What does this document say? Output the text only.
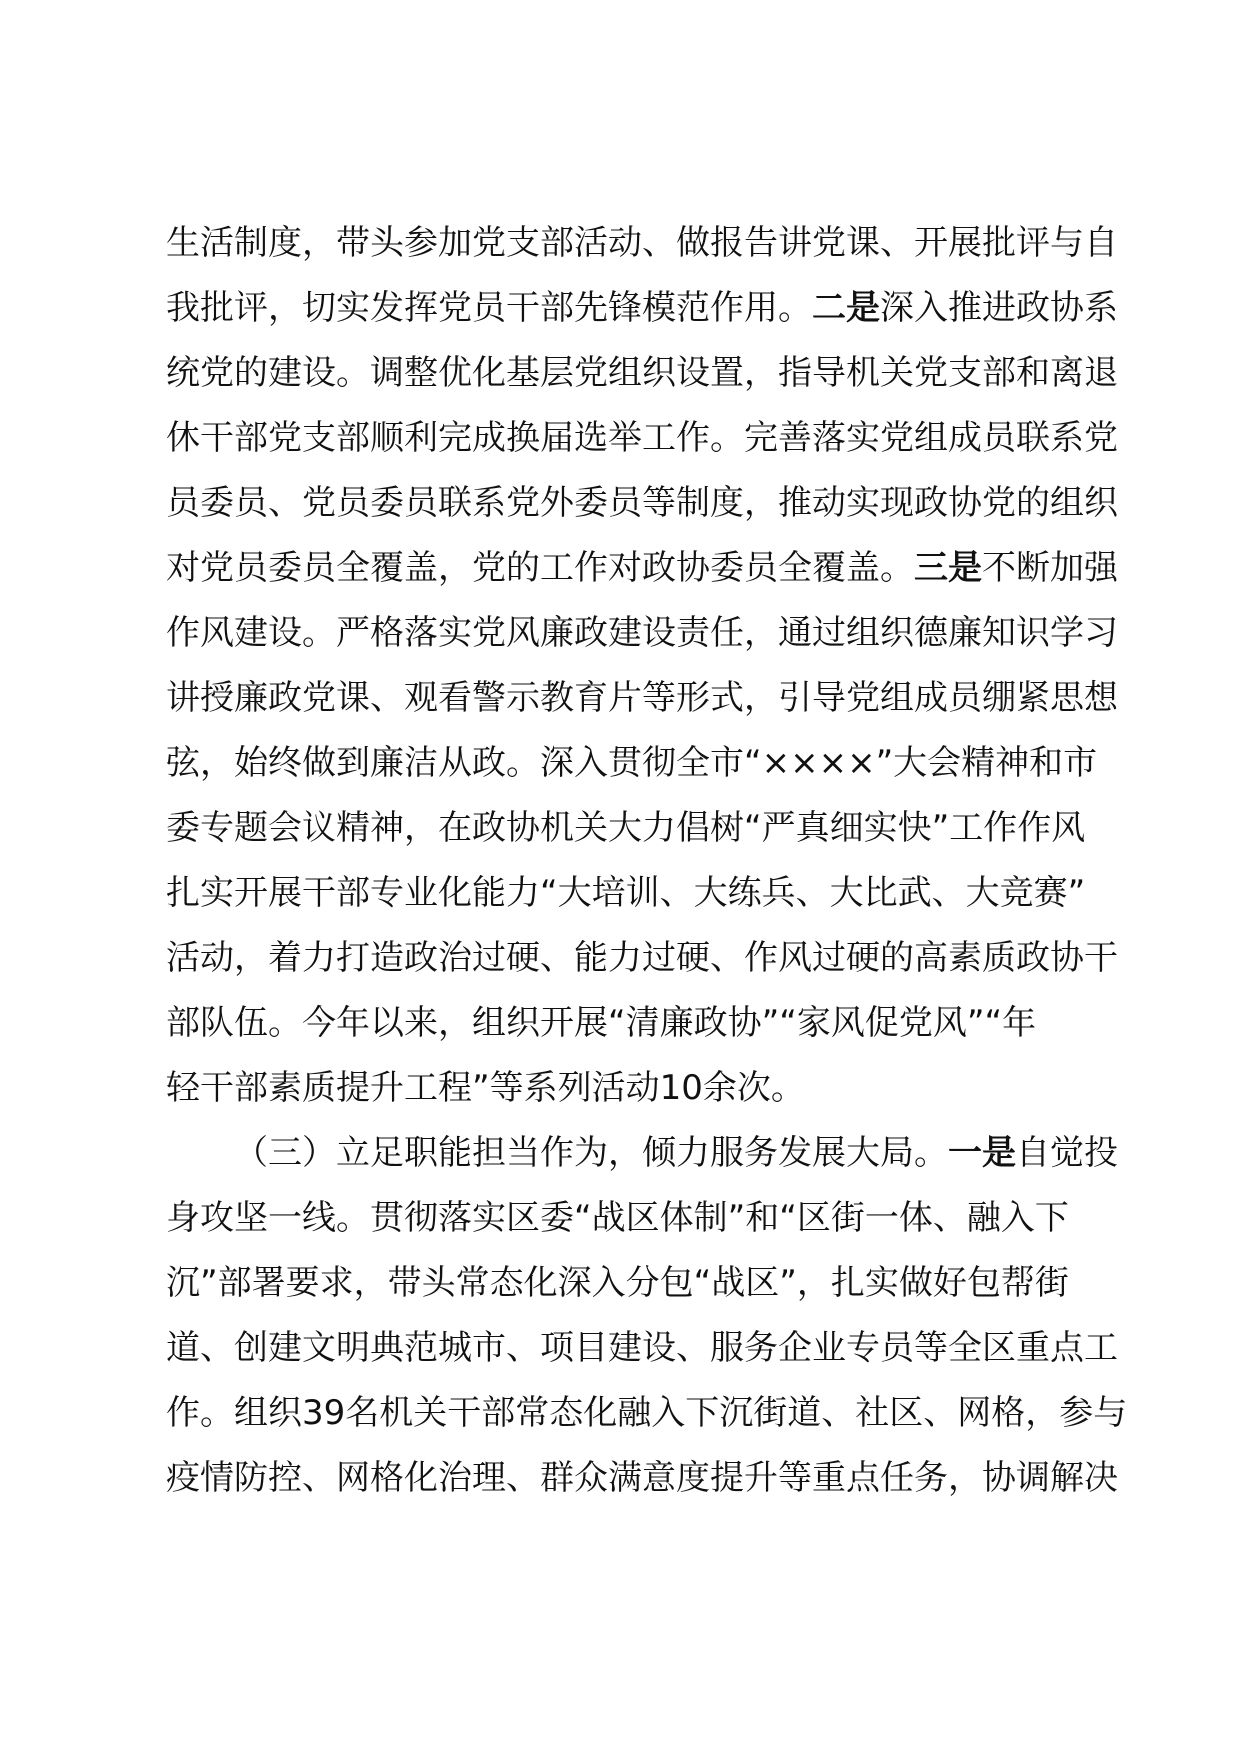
生活制度，带头参加党支部活动、做报告讲党课、开展批评与自
我批评，切实发挥党员干部先锋模范作用。二是深入推进政协系
统党的建设。调整优化基层党组织设置，指导机关党支部和离退
休干部党支部顺利完成换届选举工作。完善落实党组成员联系党
员委员、党员委员联系党外委员等制度，推动实现政协党的组织
对党员委员全覆盖，党的工作对政协委员全覆盖。三是不断加强
作风建设。严格落实党风廉政建设责任，通过组织德廉知识学习
讲授廉政党课、观看警示教育片等形式，引导党组成员绷紧思想
弦，始终做到廉洁从政。深入贯彻全市“××××”大会精神和市
委专题会议精神，在政协机关大力倡树“严真细实快”工作作风
扎实开展干部专业化能力“大培训、大练兵、大比武、大竞赛”
活动，着力打造政治过硬、能力过硬、作风过硬的高素质政协干
部队伍。今年以来，组织开展“清廉政协”“家风促党风”“年
轻干部素质提升工程”等系列活动10余次。
（三）立足职能担当作为，倾力服务发展大局。一是自觉投
身攻坚一线。贯彻落实区委“战区体制”和“区街一体、融入下
沉”部署要求，带头常态化深入分包“战区”，扎实做好包帮街
道、创建文明典范城市、项目建设、服务企业专员等全区重点工
作。组织39名机关干部常态化融入下沉街道、社区、网格，参与
疫情防控、网格化治理、群众满意度提升等重点任务，协调解决
